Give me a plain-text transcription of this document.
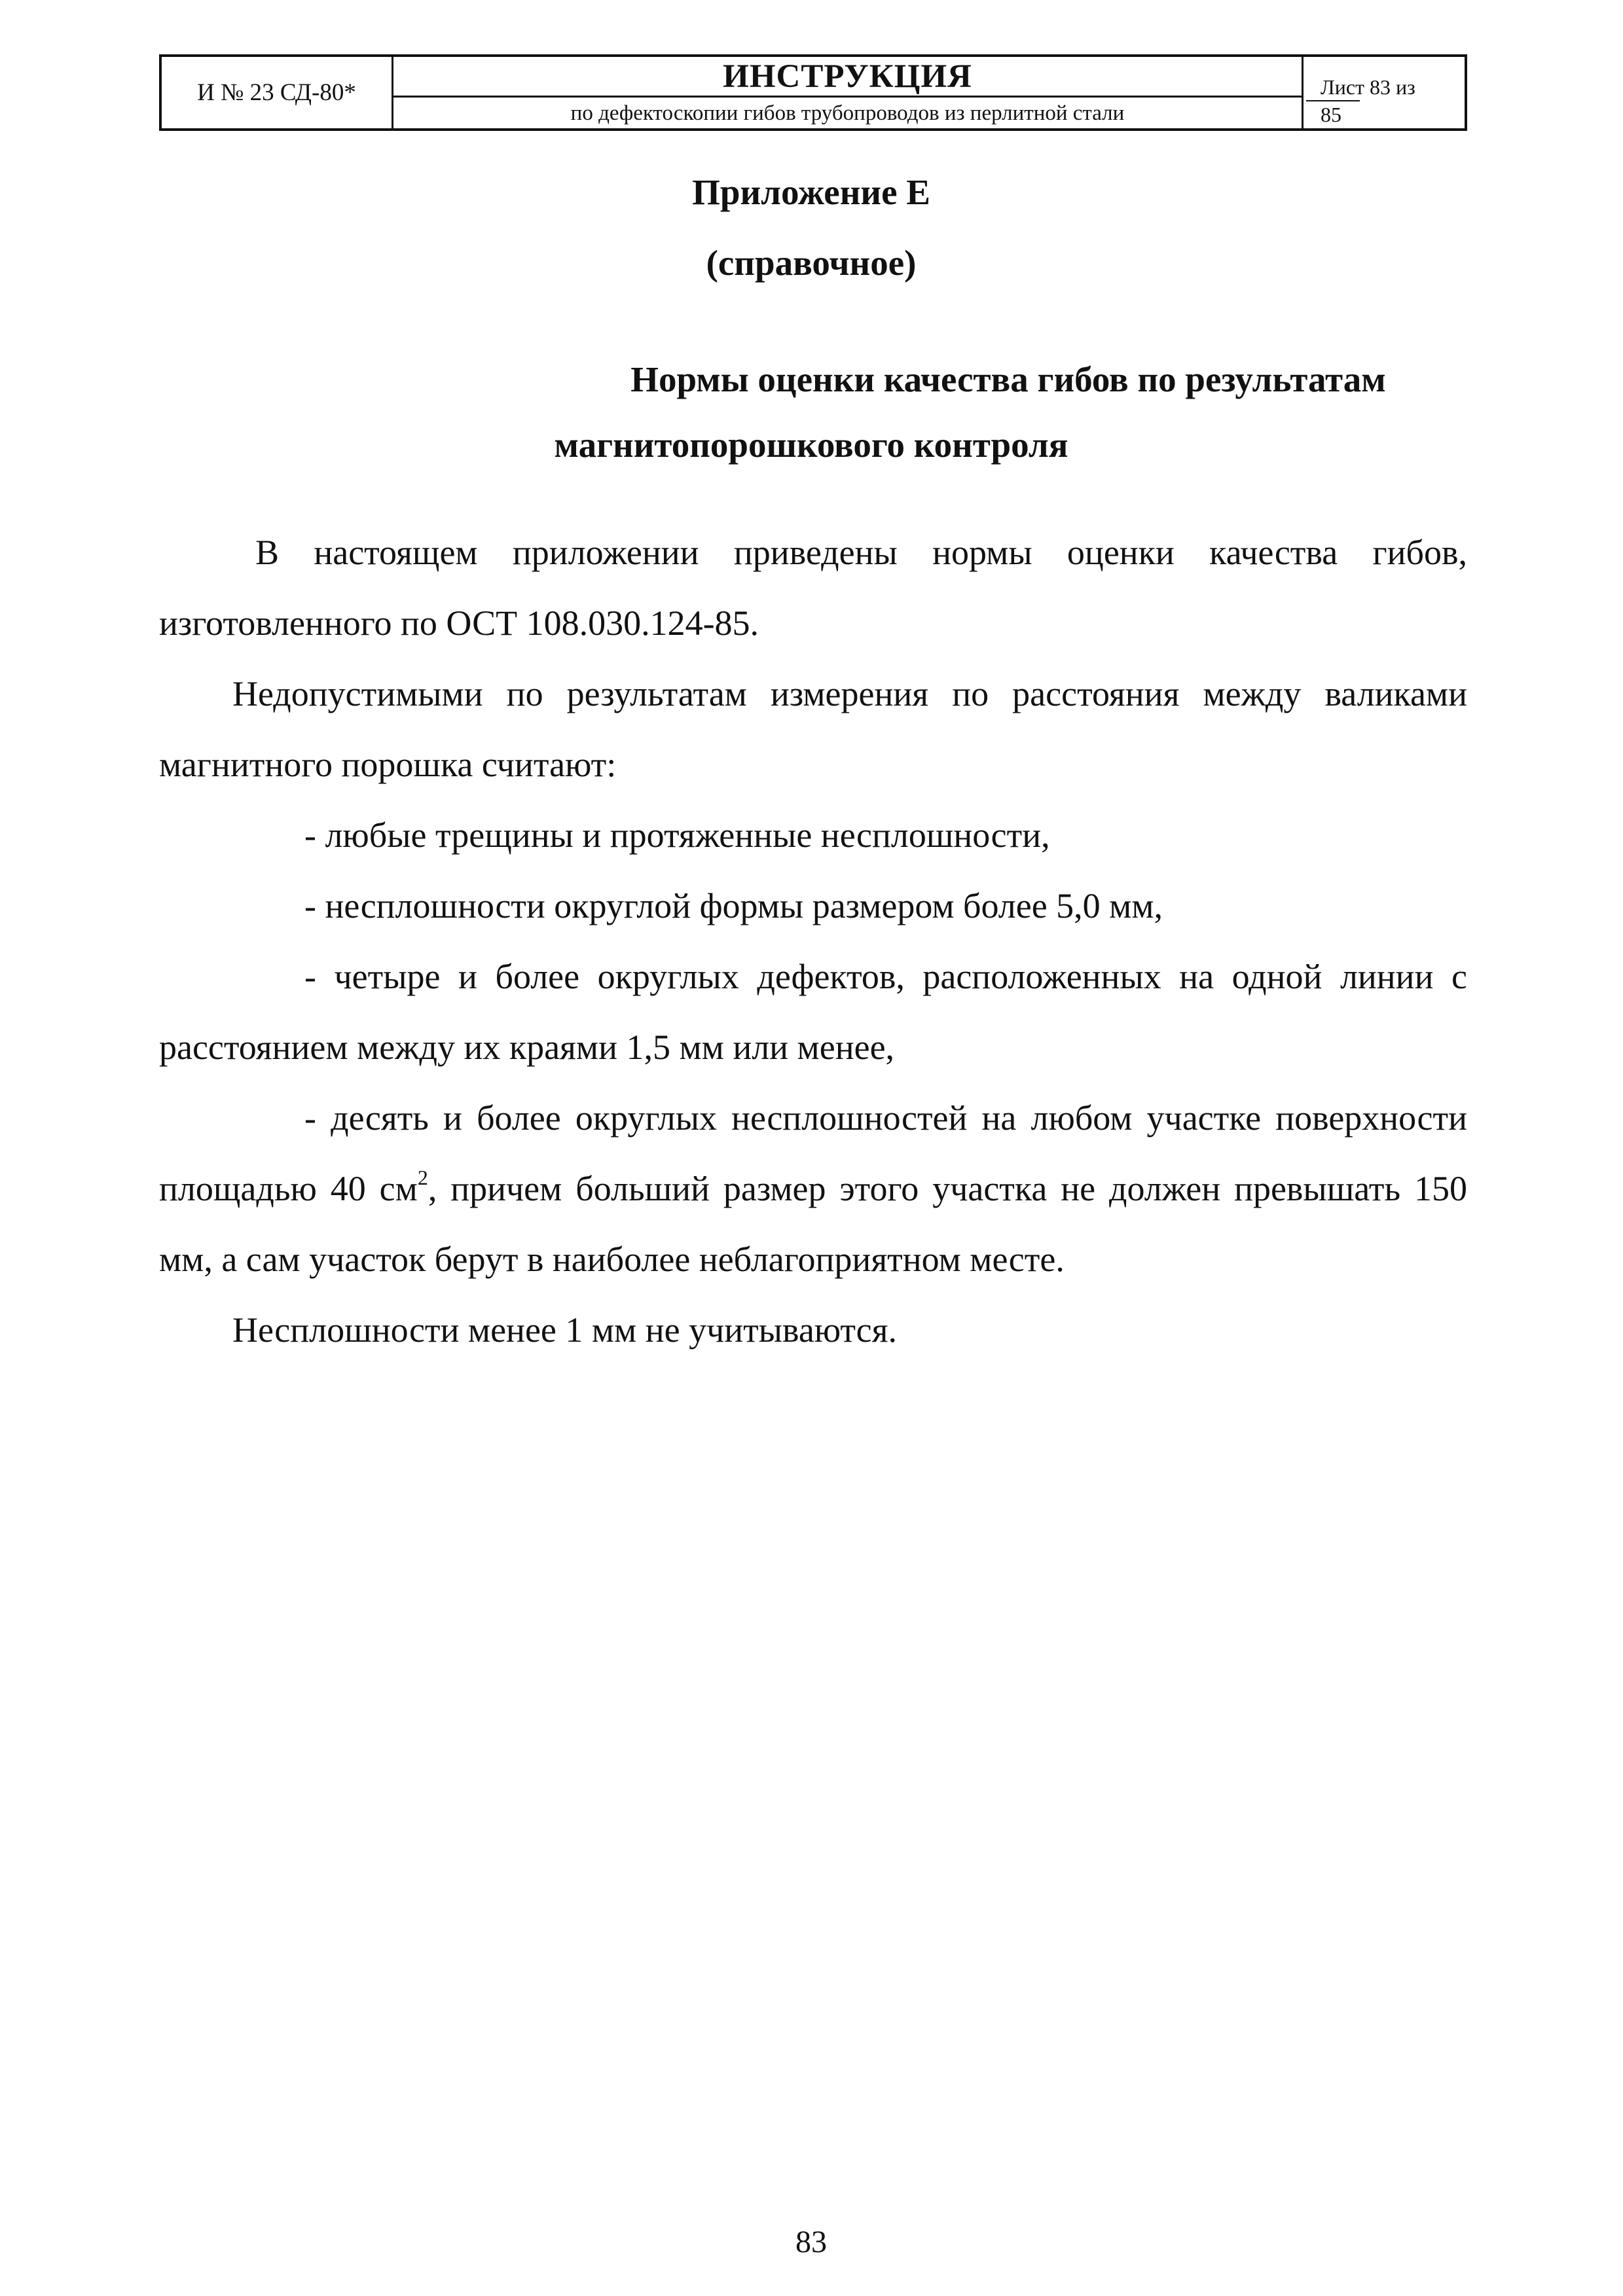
И № 23 СД-80*	ИНСТРУКЦИЯ
по дефектоскопии гибов трубопроводов из перлитной стали
Лист 83 из
85
Приложение Е
(справочное)
Нормы оценки качества гибов по результатам
магнитопорошкового контроля

В настоящем приложении приведены нормы оценки качества гибов, изготовленного по ОСТ 108.030.124-85.

Недопустимыми по результатам измерения по расстояния между валиками магнитного порошка считают:

- любые трещины и протяженные несплошности,

- несплошности округлой формы размером более 5,0 мм,

- четыре и более округлых дефектов, расположенных на одной линии с расстоянием между их краями 1,5 мм или менее,

- десять и более округлых несплошностей на любом участке поверхности площадью 40 $см^2$, причем больший размер этого участка не должен превышать 150 мм, а сам участок берут в наиболее неблагоприятном месте.

Несплошности менее 1 мм не учитываются.

83
